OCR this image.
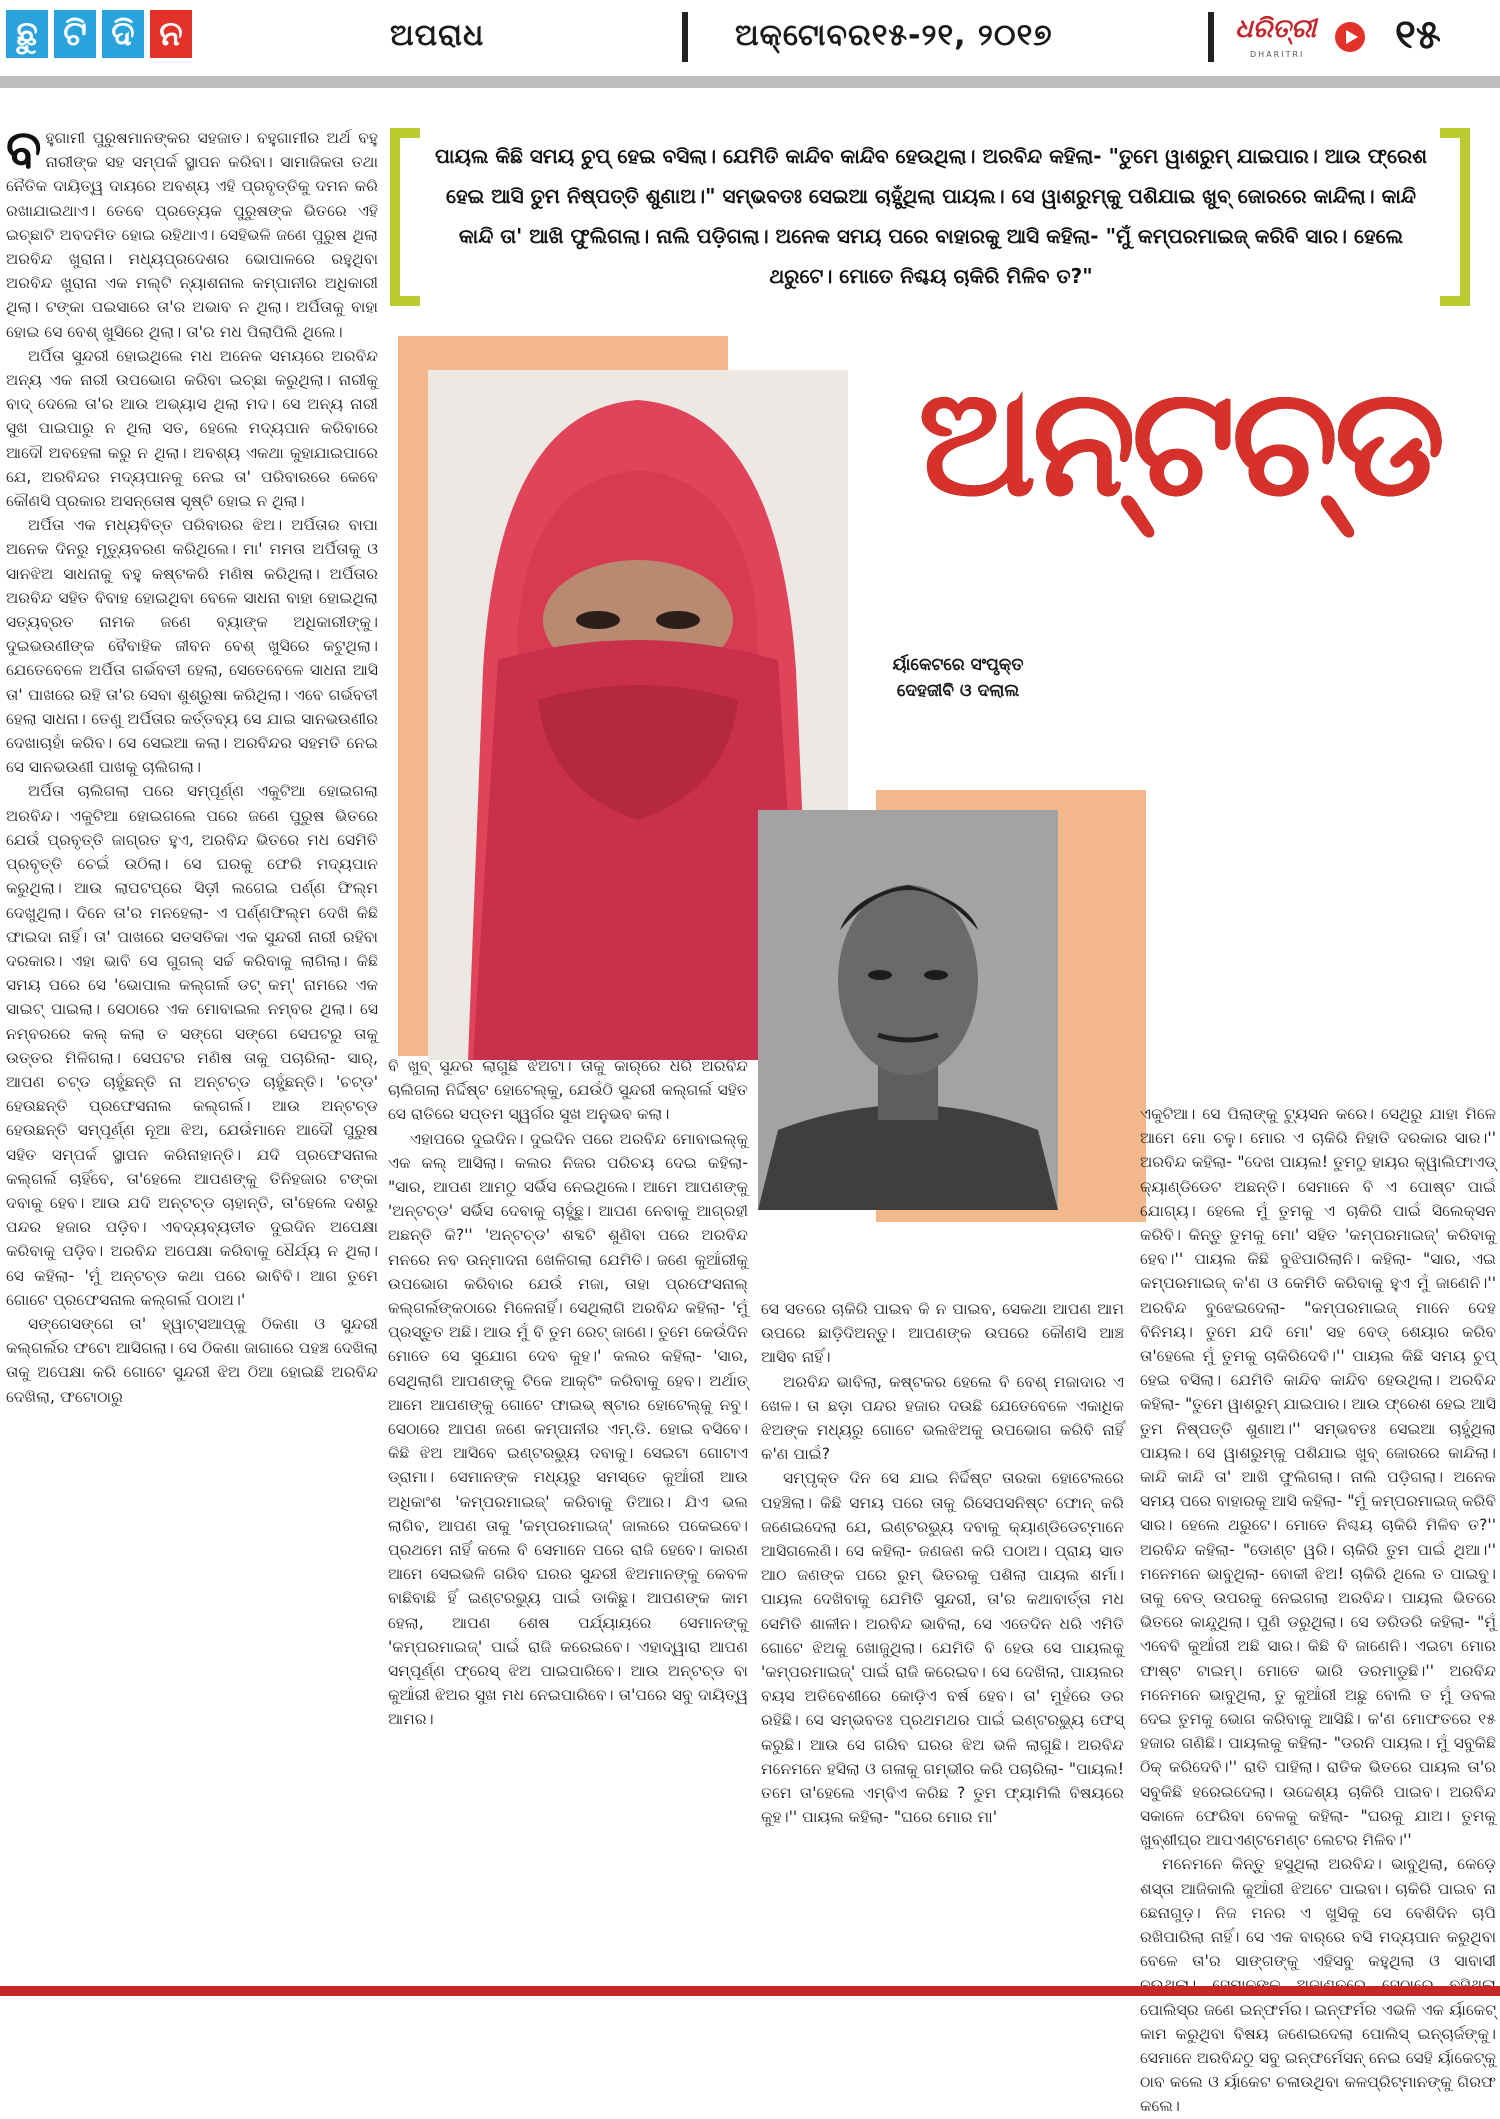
ଛୁ ଟି ଦି ନ	ଅପରାଧ	ଅକ୍ଟୋବର୧୫-୨୧, ୨୦୧୭	ଧରିତ୍ରୀ
DHARITRI ୧୫
ପାୟଲ କିଛି ସମୟ ଚୁପ୍ ହେଇ ବସିଲା। ଯେମିତି କାନ୍ଦିବ କାନ୍ଦିବ ହେଉଥିଲା। ଅରବିନ୍ଦ କହିଲା- "ତୁମେ ୱାଶରୁମ୍ ଯାଇପାର। ଆଉ ଫ୍ରେଶ ହେଇ ଆସି ତୁମ ନିଷ୍ପତ୍ତି ଶୁଣାଅ।" ସମ୍ଭବତଃ ସେଇଆ ଚାହୁଁଥିଲା ପାୟଲ। ସେ ୱାଶରୁମ୍‌କୁ ପଶିଯାଇ ଖୁବ୍ ଜୋରରେ କାନ୍ଦିଲା। କାନ୍ଦି କାନ୍ଦି ତା' ଆଖି ଫୁଲିଗଲା। ନାଲି ପଡ଼ିଗଲା। ଅନେକ ସମୟ ପରେ ବାହାରକୁ ଆସି କହିଲା- "ମୁଁ କମ୍ପରମାଇଜ୍ କରିବି ସାର। ହେଲେ ଥରୁଟେ। ମୋତେ ନିଶ୍ଚୟ ଚାକିରି ମିଳିବ ତ?"
ର୍ୟାକେଟରେ ସଂପୃକ୍ତ ଦେହଜୀବି ଓ ଦଲାଲ
ଅନ୍‌ଟଚ୍‌ଡ

ବହୁଗାମୀ ପୁରୁଷମାନଙ୍କର ସହଜାତ। ବହୁଗାମୀର ଅର୍ଥ ବହୁ ନାରୀଙ୍କ ସହ ସମ୍ପର୍କ ସ୍ଥାପନ କରିବା। ସାମାଜିକତା ତଥା ନୈତିକ ଦାୟିତ୍ୱ ଦାୟରେ ଅବଶ୍ୟ ଏହି ପ୍ରବୃତ୍ତିକୁ ଦମନ କରି ରଖାଯାଇଥାଏ। ତେବେ ପ୍ରତ୍ୟେକ ପୁରୁଷଙ୍କ ଭିତରେ ଏହି ଇଚ୍ଛାଟି ଅବଦମିତ ହୋଇ ରହିଥାଏ। ସେହିଭଳି ଜଣେ ପୁରୁଷ ଥିଲା ଅରବିନ୍ଦ ଖୁରାନା। ମଧ୍ୟପ୍ରଦେଶର ଭୋପାଳରେ ରହୁଥିବା ଅରବିନ୍ଦ ଖୁରାନା ଏକ ମଲ୍ଟି ନ୍ୟାଶନାଲ କମ୍ପାନୀର ଅଧିକାରୀ ଥିଲା। ଟଙ୍କା ପଇସାରେ ତା'ର ଅଭାବ ନ ଥିଲା। ଅର୍ପିତାକୁ ବାହା ହୋଇ ସେ ବେଶ୍ ଖୁସିରେ ଥିଲା। ତା'ର ମଧ ପିଲାପିଲି ଥିଲେ।

ଅର୍ପିତା ସୁନ୍ଦରୀ ହୋଇଥିଲେ ମଧ ଅନେକ ସମୟରେ ଅରବିନ୍ଦ ଅନ୍ୟ ଏକ ନାରୀ ଉପଭୋଗ କରିବା ଇଚ୍ଛା କରୁଥିଲା। ନାରୀକୁ ବାଦ୍ ଦେଲେ ତା'ର ଆଉ ଅଭ୍ୟାସ ଥିଲା ମଦ। ସେ ଅନ୍ୟ ନାରୀ ସୁଖ ପାଇପାରୁ ନ ଥିଲା ସତ, ହେଲେ ମଦ୍ୟପାନ କରିବାରେ ଆଦୌ ଅବହେଳା କରୁ ନ ଥିଲା। ଅବଶ୍ୟ ଏକଥା କୁହାଯାଇପାରେ ଯେ, ଅରବିନ୍ଦର ମଦ୍ୟପାନକୁ ନେଇ ତା' ପରିବାରରେ କେବେ କୌଣସି ପ୍ରକାର ଅସନ୍ତୋଷ ସୃଷ୍ଟି ହୋଇ ନ ଥିଲା।

ଅର୍ପିତା ଏକ ମଧ୍ୟବିତ୍ତ ପରିବାରର ଝିଅ। ଅର୍ପିତାର ବାପା ଅନେକ ଦିନରୁ ମୃତ୍ୟୁବରଣ କରିଥିଲେ। ମା' ମମତା ଅର୍ପିତାକୁ ଓ ସାନଝିଅ ସାଧନାକୁ ବହୁ କଷ୍ଟକରି ମଣିଷ କରିଥିଲା। ଅର୍ପିତାର ଅରବିନ୍ଦ ସହିତ ବିବାହ ହୋଇଥିବା ବେଳେ ସାଧନା ବାହା ହୋଇଥିଲା ସତ୍ୟବ୍ରତ ନାମକ ଜଣେ ବ୍ୟାଙ୍କ ଅଧିକାରୀଙ୍କୁ। ଦୁଇଭଉଣୀଙ୍କ ବୈବାହିକ ଜୀବନ ବେଶ୍ ଖୁସିରେ କଟୁଥିଲା। ଯେତେବେଳେ ଅର୍ପିତା ଗର୍ଭବତୀ ହେଲା, ସେତେବେଳେ ସାଧନା ଆସି ତା' ପାଖରେ ରହି ତା'ର ସେବା ଶୁଶ୍ରୁଷା କରିଥିଲା। ଏବେ ଗର୍ଭବତୀ ହେଲା ସାଧନା। ତେଣୁ ଅର୍ପିତାର କର୍ତ୍ତବ୍ୟ ସେ ଯାଇ ସାନଭଉଣୀର ଦେଖାଚାହାଁ କରିବ। ସେ ସେଇଆ କଲା। ଅରବିନ୍ଦର ସହମତି ନେଇ ସେ ସାନଭଉଣୀ ପାଖକୁ ଚାଲିଗଲା।

ଅର୍ପିତା ଚାଲିଗଲା ପରେ ସମ୍ପୂର୍ଣ୍ଣ ଏକୁଟିଆ ହୋଇଗଲା ଅରବିନ୍ଦ। ଏକୁଟିଆ ହୋଇଗଲେ ପରେ ଜଣେ ପୁରୁଷ ଭିତରେ ଯେଉଁ ପ୍ରବୃତ୍ତି ଜାଗ୍ରତ ହୁଏ, ଅରବିନ୍ଦ ଭିତରେ ମଧ ସେମିତି ପ୍ରବୃତ୍ତି ଚେଇଁ ଉଠିଲା। ସେ ଘରକୁ ଫେରି ମଦ୍ୟପାନ କରୁଥିଲା। ଆଉ ଲାପଟପ୍‌ରେ ସିଡ଼ୀ ଲଗେଇ ପର୍ଣ୍ଣ ଫିଲ୍ମ ଦେଖୁଥିଲା। ଦିନେ ତା'ର ମନହେଲା- ଏ ପର୍ଣ୍ଣଫିଲ୍ମ ଦେଖି କିଛି ଫାଇଦା ନାହିଁ। ତା' ପାଖରେ ସତସତିକା ଏକ ସୁନ୍ଦରୀ ନାରୀ ରହିବା ଦରକାର। ଏହା ଭାବି ସେ ଗୁଗଲ୍ ସର୍ଚ୍ଚ କରିବାକୁ ଲାଗିଲା। କିଛି ସମୟ ପରେ ସେ 'ଭୋପାଲ କଲ୍‌ଗର୍ଲ ଡଟ୍ କମ୍' ନାମରେ ଏକ ସାଇଟ୍ ପାଇଲା। ସେଠାରେ ଏକ ମୋବାଇଲ ନମ୍ବର ଥିଲା। ସେ ନମ୍ବରରେ କଲ୍ କଲା ତ ସଙ୍ଗେ ସଙ୍ଗେ ସେପଟରୁ ତାକୁ ଉତ୍ତର ମିଳିଗଲା। ସେପଟର ମଣିଷ ତାକୁ ପଚାରିଲା- ସାର୍, ଆପଣ ଚଟ୍ଡ ଚାହୁଁଛନ୍ତି ନା ଅନ୍‌ଟଚ୍‌ଡ ଚାହୁଁଛନ୍ତି। 'ଚଟ୍ଡ' ହେଉଛନ୍ତି ପ୍ରଫେସନାଲ କଲ୍‌ଗର୍ଲ। ଆଉ ଅନ୍‌ଟଚ୍‌ଡ ହେଉଛନ୍ତି ସମ୍ପୂର୍ଣ୍ଣ ନୂଆ ଝିଅ, ଯେଉଁମାନେ ଆଦୌ ପୁରୁଷ ସହିତ ସମ୍ପର୍କ ସ୍ଥାପନ କରିନାହାନ୍ତି। ଯଦି ପ୍ରଫେସନାଲ କଲ୍‌ଗର୍ଲ ଚାହିଁବେ, ତା'ହେଲେ ଆପଣଙ୍କୁ ତିନିହଜାର ଟଙ୍କା ଦବାକୁ ହେବ। ଆଉ ଯଦି ଅନ୍‌ଟଚ୍‌ଡ ଚାହାନ୍ତି, ତା'ହେଲେ ଦଶରୁ ପନ୍ଦର ହଜାର ପଡ଼ିବ। ଏବଦ୍ୟବ୍ୟତୀତ ଦୁଇଦିନ ଅପେକ୍ଷା କରିବାକୁ ପଡ଼ିବ। ଅରବିନ୍ଦ ଅପେକ୍ଷା କରିବାକୁ ଧୈର୍ଯ୍ୟ ନ ଥିଲା। ସେ କହିଲା- 'ମୁଁ ଅନ୍‌ଟଚ୍‌ଡ କଥା ପରେ ଭାବିବି। ଆଗ ତୁମେ ଗୋଟେ ପ୍ରଫେସନାଲ କଲ୍‌ଗର୍ଲ ପଠାଅ।'

ସଙ୍ଗେସଙ୍ଗେ ତା' ହ୍ୱାଟ୍ସଆପ୍‌କୁ ଠିକଣା ଓ ସୁନ୍ଦରୀ କଲ୍‌ଗର୍ଲର ଫଟୋ ଆସିଗଲା। ସେ ଠିକଣା ଜାଗାରେ ପହଞ୍ଚ ଦେଖିଲା ତାକୁ ଅପେକ୍ଷା କରି ଗୋଟେ ସୁନ୍ଦରୀ ଝିଅ ଠିଆ ହୋଇଛି ଅରବିନ୍ଦ ଦେଖିଲା, ଫଟୋଠାରୁ

ବି ଖୁବ୍ ସୁନ୍ଦର ଲାଗୁଛି ଝିଅଟା। ତାକୁ କାର୍‌ରେ ଧରି ଅରବିନ୍ଦ ଚାଲିଗଲା ନିର୍ଦ୍ଦିଷ୍ଟ ହୋଟେଲ୍‌କୁ, ଯେଉଁଠି ସୁନ୍ଦରୀ କଲ୍‌ଗର୍ଲ ସହିତ ସେ ରାତିରେ ସପ୍ତମ ସ୍ୱର୍ଗର ସୁଖ ଅନୁଭବ କଲା।

ଏହାପରେ ଦୁଇଦିନ। ଦୁଇଦିନ ପରେ ଅରବିନ୍ଦ ମୋବାଇଲ୍‌କୁ ଏକ କଲ୍ ଆସିଲା। କଲର ନିଜର ପରିଚୟ ଦେଇ କହିଲା- "ସାର, ଆପଣ ଆମଠୁ ସର୍ଭିସ ନେଇଥିଲେ। ଆମେ ଆପଣଙ୍କୁ 'ଅନ୍‌ଟଚ୍‌ଡ' ସର୍ଭିସ ଦେବାକୁ ଚାହୁଁଛୁ। ଆପଣ ନେବାକୁ ଆଗ୍ରହୀ ଅଛନ୍ତି କି?'' 'ଅନ୍‌ଟଚ୍‌ଡ' ଶବ୍ଦଟି ଶୁଣିବା ପରେ ଅରବିନ୍ଦ ମନରେ ନବ ଉନ୍ମାଦନା ଖେଳିଗଲା ଯେମିତି। ଜଣେ କୁଆଁରୀକୁ ଉପଭୋଗ କରିବାର ଯେଉଁ ମଜା, ତାହା ପ୍ରଫେସନାଲ୍ କଲ୍‌ଗର୍ଲଙ୍କଠାରେ ମିଳେନାହିଁ। ସେଥିଲାଗି ଅରବିନ୍ଦ କହିଲା- 'ମୁଁ ପ୍ରସ୍ତୁତ ଅଛି। ଆଉ ମୁଁ ବି ତୁମ ରେଟ୍ ଜାଣେ। ତୁମେ କେଉଁଦିନ ମୋତେ ସେ ସୁଯୋଗ ଦେବ କୁହ।' କଲର କହିଲା- 'ସାର, ସେଥିଲାଗି ଆପଣଙ୍କୁ ଟିକେ ଆକ୍ଟିଂ କରିବାକୁ ହେବ। ଅର୍ଥାତ୍ ଆମେ ଆପଣଙ୍କୁ ଗୋଟେ ଫାଇଭ୍ ଷ୍ଟାର ହୋଟେଲ୍‌କୁ ନବୁ। ସେଠାରେ ଆପଣ ଜଣେ କମ୍ପାନୀର ଏମ୍.ଡି. ହୋଇ ବସିବେ। କିଛି ଝିଅ ଆସିବେ ଇଣ୍ଟରଭ୍ୟୁ ଦବାକୁ। ସେଇଟା ଗୋଟାଏ ଡ୍ରାମା। ସେମାନଙ୍କ ମଧ୍ୟରୁ ସମସ୍ତେ କୁଆଁରୀ ଆଉ ଅଧିକାଂଶ 'କମ୍ପରମାଇଜ୍' କରିବାକୁ ତିଆର। ଯିଏ ଭଲ ଲାଗିବ, ଆପଣ ତାକୁ 'କମ୍ପରମାଇଜ୍' ଜାଲରେ ପକେଇବେ। ପ୍ରଥମେ ନାହିଁ କଲେ ବି ସେମାନେ ପରେ ରାଜି ହେବେ। କାରଣ ଆମେ ସେଇଭଳି ଗରିବ ଘରର ସୁନ୍ଦରୀ ଝିଅମାନଙ୍କୁ କେବଳ ବାଛିବାଛି ହିଁ ଇଣ୍ଟରଭ୍ୟୁ ପାଇଁ ଡାକିଛୁ। ଆପଣଙ୍କ କାମ ହେଲା, ଆପଣ ଶେଷ ପର୍ଯ୍ୟାୟରେ ସେମାନଙ୍କୁ 'କମ୍ପରମାଇଜ୍' ପାଇଁ ରାଜି କରେଇବେ। ଏହାଦ୍ୱାରା ଆପଣ ସମ୍ପୂର୍ଣ୍ଣ ଫ୍ରେସ୍ ଝିଅ ପାଇପାରିବେ। ଆଉ ଅନ୍‌ଟଚ୍‌ଡ ବା କୁଆଁରୀ ଝିଅର ସୁଖ ମଧ ନେଇପାରିବେ। ତା'ପରେ ସବୁ ଦାୟିତ୍ୱ ଆମର।

ସେ ସତରେ ଚାକିରି ପାଇବ କି ନ ପାଇବ, ସେକଥା ଆପଣ ଆମ ଉପରେ ଛାଡ଼ିଦିଅନ୍ତୁ। ଆପଣଙ୍କ ଉପରେ କୌଣସି ଆଞ୍ଚ ଆସିବ ନାହିଁ।

ଅରବିନ୍ଦ ଭାବିଲା, କଷ୍ଟକର ହେଲେ ବି ବେଶ୍ ମଜାଦାର ଏ ଖେଳ। ତା ଛଡ଼ା ପନ୍ଦର ହଜାର ଦଉଛି ଯେତେବେଳେ ଏକାଧିକ ଝିଅଙ୍କ ମଧ୍ୟରୁ ଗୋଟେ ଭଲଝିଅକୁ ଉପଭୋଗ କରିବି ନାହିଁ କ'ଣ ପାଇଁ?

ସମ୍ପୃକ୍ତ ଦିନ ସେ ଯାଇ ନିର୍ଦ୍ଦିଷ୍ଟ ତାରକା ହୋଟେଲରେ ପହଞ୍ଚିଲା। କିଛି ସମୟ ପରେ ତାକୁ ରିସେପସନିଷ୍ଟ ଫୋନ୍ କରି ଜଣେଇଦେଲା ଯେ, ଇଣ୍ଟରଭ୍ୟୁ ଦବାକୁ କ୍ୟାଣ୍ଡିଡେଟ୍‌ମାନେ ଆସିଗଲେଣି। ସେ କହିଲା- ଜଣଜଣ କରି ପଠାଅ। ପ୍ରାୟ ସାତ ଆଠ ଜଣଙ୍କ ପରେ ରୁମ୍ ଭିତରକୁ ପଶିଲା ପାୟଲ ଶର୍ମା। ପାୟଲ ଦେଖିବାକୁ ଯେମିତି ସୁନ୍ଦରୀ, ତା'ର କଥାବାର୍ତ୍ତା ମଧ ସେମିତି ଶାଳୀନ। ଅରବିନ୍ଦ ଭାବିଲା, ସେ ଏତେଦିନ ଧରି ଏମିତି ଗୋଟେ ଝିଅକୁ ଖୋଜୁଥିଲା। ଯେମିତି ବି ହେଉ ସେ ପାୟଲକୁ 'କମ୍ପରମାଇଜ୍' ପାଇଁ ରାଜି କରେଇବ। ସେ ଦେଖିଲା, ପାୟଲର ବୟସ ଅତିବେଶୀରେ କୋଡ଼ିଏ ବର୍ଷ ହେବ। ତା' ମୁହଁରେ ଡର ରହିଛି। ସେ ସମ୍ଭବତଃ ପ୍ରଥମଥର ପାଇଁ ଇଣ୍ଟରଭ୍ୟୁ ଫେସ୍ କରୁଛି। ଆଉ ସେ ଗରିବ ଘରର ଝିଅ ଭଳି ଲାଗୁଛି। ଅରବିନ୍ଦ ମନେମନେ ହସିଲା ଓ ଗଳାକୁ ଗମ୍ଭୀର କରି ପଚାରିଲା- "ପାୟଲ! ତମେ ତା'ହେଲେ ଏମ୍‌ବିଏ କରିଛ ? ତୁମ ଫ୍ୟାମିଲି ବିଷୟରେ କୁହ।'' ପାୟଲ କହିଲା- "ଘରେ ମୋର ମା'

ଏକୁଟିଆ। ସେ ପିଲାଙ୍କୁ ଟ୍ୟୁସନ କରେ। ସେଥିରୁ ଯାହା ମିଳେ ଆମେ ମୋ ଚଳୁ। ମୋର ଏ ଚାକିରି ନିହାତି ଦରକାର ସାର।'' ଅରବିନ୍ଦ କହିଲା- "ଦେଖ ପାୟଲ! ତୁମଠୁ ହାୟର କ୍ୱାଲିଫାଏଡ୍ କ୍ୟାଣ୍ଡିଡେଟ ଅଛନ୍ତି। ସେମାନେ ବି ଏ ପୋଷ୍ଟ ପାଇଁ ଯୋଗ୍ୟ। ହେଲେ ମୁଁ ତୁମକୁ ଏ ଚାକିରି ପାଇଁ ସିଲେକ୍ସନ କରିବି। କିନ୍ତୁ ତୁମକୁ ମୋ' ସହିତ 'କମ୍ପରମାଇଜ୍' କରିବାକୁ ହେବ।'' ପାୟଲ କିଛି ବୁଝିପାରିଲାନି। କହିଲା- "ସାର, ଏଇ କମ୍ପରମାଇଜ୍ କ'ଣ ଓ କେମିତି କରିବାକୁ ହୁଏ ମୁଁ ଜାଣେନି।'' ଅରବିନ୍ଦ ବୁଝେଇଦେଲା- "କମ୍ପରମାଇଜ୍ ମାନେ ଦେହ ବିନିମୟ। ତୁମେ ଯଦି ମୋ' ସହ ବେଡ୍ ଶେୟାର କରିବ ତା'ହେଲେ ମୁଁ ତୁମକୁ ଚାକିରିଦେବି।'' ପାୟଲ କିଛି ସମୟ ଚୁପ୍ ହେଇ ବସିଲା। ଯେମିତି କାନ୍ଦିବ କାନ୍ଦିବ ହେଉଥିଲା। ଅରବିନ୍ଦ କହିଲା- "ତୁମେ ୱାଶରୁମ୍ ଯାଇପାର। ଆଉ ଫ୍ରେଶ ହେଇ ଆସି ତୁମ ନିଷ୍ପତ୍ତି ଶୁଣାଅ।'' ସମ୍ଭବତଃ ସେଇଆ ଚାହୁଁଥିଲା ପାୟଲ। ସେ ୱାଶରୁମ୍‌କୁ ପଶିଯାଇ ଖୁବ୍ ଜୋରରେ କାନ୍ଦିଲା। କାନ୍ଦି କାନ୍ଦି ତା' ଆଖି ଫୁଲିଗଲା। ନାଲି ପଡ଼ିଗଲା। ଅନେକ ସମୟ ପରେ ବାହାରକୁ ଆସି କହିଲା- "ମୁଁ କମ୍ପରମାଇଜ୍ କରିବି ସାର। ହେଲେ ଥରୁଟେ। ମୋତେ ନିଶ୍ଚୟ ଚାକିରି ମିଳିବ ତ?'' ଅରବିନ୍ଦ କହିଲା- "ଡୋଣ୍ଟ ୱରି। ଚାକିରି ତୁମ ପାଇଁ ଥିଆ।'' ମନେମନେ ଭାବୁଥିଲା- ବୋକୀ ଝିଅ! ଚାକିରି ଥିଲେ ତ ପାଇବୁ। ତାକୁ ବେଡ୍ ଉପରକୁ ନେଇଗଲା ଅରବିନ୍ଦ। ପାୟଲ ଭିତରେ ଭିତରେ କାନ୍ଦୁଥିଲା। ପୁଣି ଡରୁଥିଲା। ସେ ଡରିଡରି କହିଲା- "ମୁଁ ଏବେବି କୁଆଁରୀ ଅଛି ସାର। କିଛି ବି ଜାଣେନି। ଏଇଟା ମୋର ଫାଷ୍ଟ ଟାଇମ୍। ମୋତେ ଭାରି ଡରମାଡୁଛି।'' ଅରବିନ୍ଦ ମନେମନେ ଭାବୁଥିଲା, ତୁ କୁଆଁରୀ ଅଛୁ ବୋଲି ତ ମୁଁ ଡବଲ ଦେଇ ତୁମକୁ ଭୋଗ କରିବାକୁ ଆସିଛି। କ'ଣ ମୋଫତରେ ୧୫ ହଜାର ଗଣିଛି। ପାୟଲକୁ କହିଲା- "ଡରନି ପାୟଲ। ମୁଁ ସବୁକିଛି ଠିକ୍ କରିଦେବି।'' ରାତି ପାହିଲା। ରାତିକ ଭିତରେ ପାୟଲ ତା'ର ସବୁକିଛି ହରେଇଦେଲା। ଉଦ୍ଦେଶ୍ୟ ଚାକିରି ପାଇବ। ଅରବିନ୍ଦ ସକାଳେ ଫେରିବା ବେଳକୁ କହିଲା- "ଘରକୁ ଯାଅ। ତୁମକୁ ଖୁବ୍‌ଶୀଘ୍ର ଆପଏଣ୍ଟମେଣ୍ଟ ଲେଟର ମିଳିବ।''

ମନେମନେ କିନ୍ତୁ ହସୁଥିଲା ଅରବିନ୍ଦ। ଭାବୁଥିଲା, କେଡ଼େ ଶସ୍ତା ଆଜିକାଲି କୁଆଁରୀ ଝିଅଟେ ପାଇବା। ଚାକିରି ପାଇବ ନା ଛେନାଗୁଡ଼। ନିଜ ମନର ଏ ଖୁସିକୁ ସେ ବେଶିଦିନ ଚାପି ରଖିପାରିଲା ନାହିଁ। ସେ ଏକ ବାର୍‌ରେ ବସି ମଦ୍ୟପାନ କରୁଥିବା ବେଳେ ତା'ର ସାଙ୍ଗଙ୍କୁ ଏହିସବୁ କହୁଥିଲା ଓ ସାବାସୀ ପୋଲିସ୍‌ର ଜଣେ ଇନ୍‌ଫର୍ମର। ଇନ୍‌ଫର୍ମର ଏଭଳି ଏକ ର୍ୟାକେଟ୍ କାମ କରୁଥିବା ବିଷୟ ଜଣେଇଦେଲା ପୋଲିସ୍ ଇନ୍‌ଚାର୍ଜଙ୍କୁ। ସେମାନେ ଅରବିନ୍ଦଠୁ ସବୁ ଇନ୍‌ଫର୍ମେସନ୍ ନେଇ ସେହି ର୍ୟାକେଟ୍‌କୁ ଠାବ କଲେ ଓ ର୍ୟାକେଟ ଚଳାଉଥିବା କଳପ୍ରିଟ୍‌ମାନଙ୍କୁ ଗିରଫ କଲେ।
